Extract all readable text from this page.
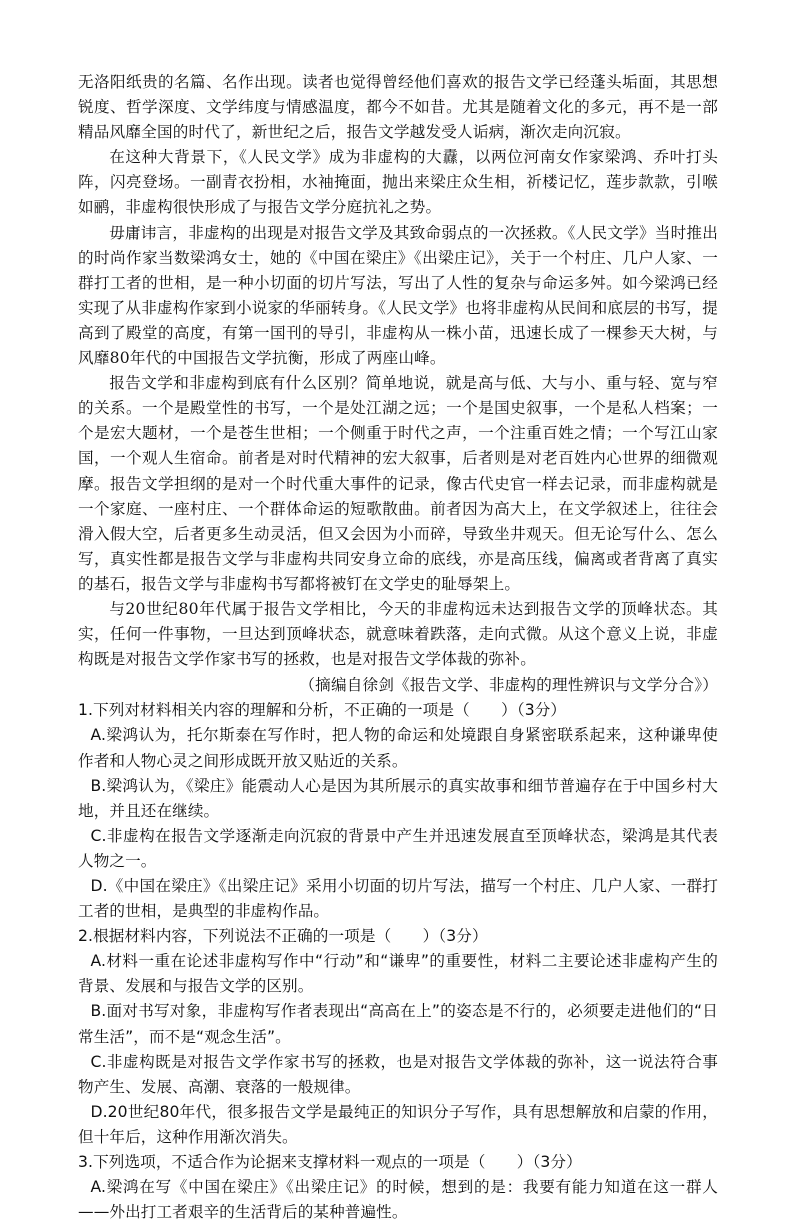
无洛阳纸贵的名篇、名作出现。读者也觉得曾经他们喜欢的报告文学已经蓬头垢面，其思想锐度、哲学深度、文学纬度与情感温度，都今不如昔。尤其是随着文化的多元，再不是一部精品风靡全国的时代了，新世纪之后，报告文学越发受人诟病，渐次走向沉寂。

在这种大背景下，《人民文学》成为非虚构的大纛，以两位河南女作家梁鸿、乔叶打头阵，闪亮登场。一副青衣扮相，水袖掩面，抛出来梁庄众生相，祈楼记忆，莲步款款，引喉如鹂，非虚构很快形成了与报告文学分庭抗礼之势。

毋庸讳言，非虚构的出现是对报告文学及其致命弱点的一次拯救。《人民文学》当时推出的时尚作家当数梁鸿女士，她的《中国在梁庄》《出梁庄记》，关于一个村庄、几户人家、一群打工者的世相，是一种小切面的切片写法，写出了人性的复杂与命运多舛。如今梁鸿已经实现了从非虚构作家到小说家的华丽转身。《人民文学》也将非虚构从民间和底层的书写，提高到了殿堂的高度，有第一国刊的导引，非虚构从一株小苗，迅速长成了一棵参天大树，与风靡80年代的中国报告文学抗衡，形成了两座山峰。

报告文学和非虚构到底有什么区别？简单地说，就是高与低、大与小、重与轻、宽与窄的关系。一个是殿堂性的书写，一个是处江湖之远；一个是国史叙事，一个是私人档案；一个是宏大题材，一个是苍生世相；一个侧重于时代之声，一个注重百姓之情；一个写江山家国，一个观人生宿命。前者是对时代精神的宏大叙事，后者则是对老百姓内心世界的细微观摩。报告文学担纲的是对一个时代重大事件的记录，像古代史官一样去记录，而非虚构就是一个家庭、一座村庄、一个群体命运的短歌散曲。前者因为高大上，在文学叙述上，往往会滑入假大空，后者更多生动灵活，但又会因为小而碎，导致坐井观天。但无论写什么、怎么写，真实性都是报告文学与非虚构共同安身立命的底线，亦是高压线，偏离或者背离了真实的基石，报告文学与非虚构书写都将被钉在文学史的耻辱架上。

与20世纪80年代属于报告文学相比，今天的非虚构远未达到报告文学的顶峰状态。其实，任何一件事物，一旦达到顶峰状态，就意味着跌落，走向式微。从这个意义上说，非虚构既是对报告文学作家书写的拯救，也是对报告文学体裁的弥补。

（摘编自徐剑《报告文学、非虚构的理性辨识与文学分合》）

1.下列对材料相关内容的理解和分析，不正确的一项是（　　）（3分）

A.梁鸿认为，托尔斯泰在写作时，把人物的命运和处境跟自身紧密联系起来，这种谦卑使作者和人物心灵之间形成既开放又贴近的关系。

B.梁鸿认为，《梁庄》能震动人心是因为其所展示的真实故事和细节普遍存在于中国乡村大地，并且还在继续。

C.非虚构在报告文学逐渐走向沉寂的背景中产生并迅速发展直至顶峰状态，梁鸿是其代表人物之一。

D.《中国在梁庄》《出梁庄记》采用小切面的切片写法，描写一个村庄、几户人家、一群打工者的世相，是典型的非虚构作品。

2.根据材料内容，下列说法不正确的一项是（　　）（3分）

A.材料一重在论述非虚构写作中“行动”和“谦卑”的重要性，材料二主要论述非虚构产生的背景、发展和与报告文学的区别。

B.面对书写对象，非虚构写作者表现出“高高在上”的姿态是不行的，必须要走进他们的“日常生活”，而不是“观念生活”。

C.非虚构既是对报告文学作家书写的拯救，也是对报告文学体裁的弥补，这一说法符合事物产生、发展、高潮、衰落的一般规律。

D.20世纪80年代，很多报告文学是最纯正的知识分子写作，具有思想解放和启蒙的作用，但十年后，这种作用渐次消失。

3.下列选项，不适合作为论据来支撑材料一观点的一项是（　　）（3分）

A.梁鸿在写《中国在梁庄》《出梁庄记》的时候，想到的是：我要有能力知道在这一群人——外出打工者艰辛的生活背后的某种普遍性。
